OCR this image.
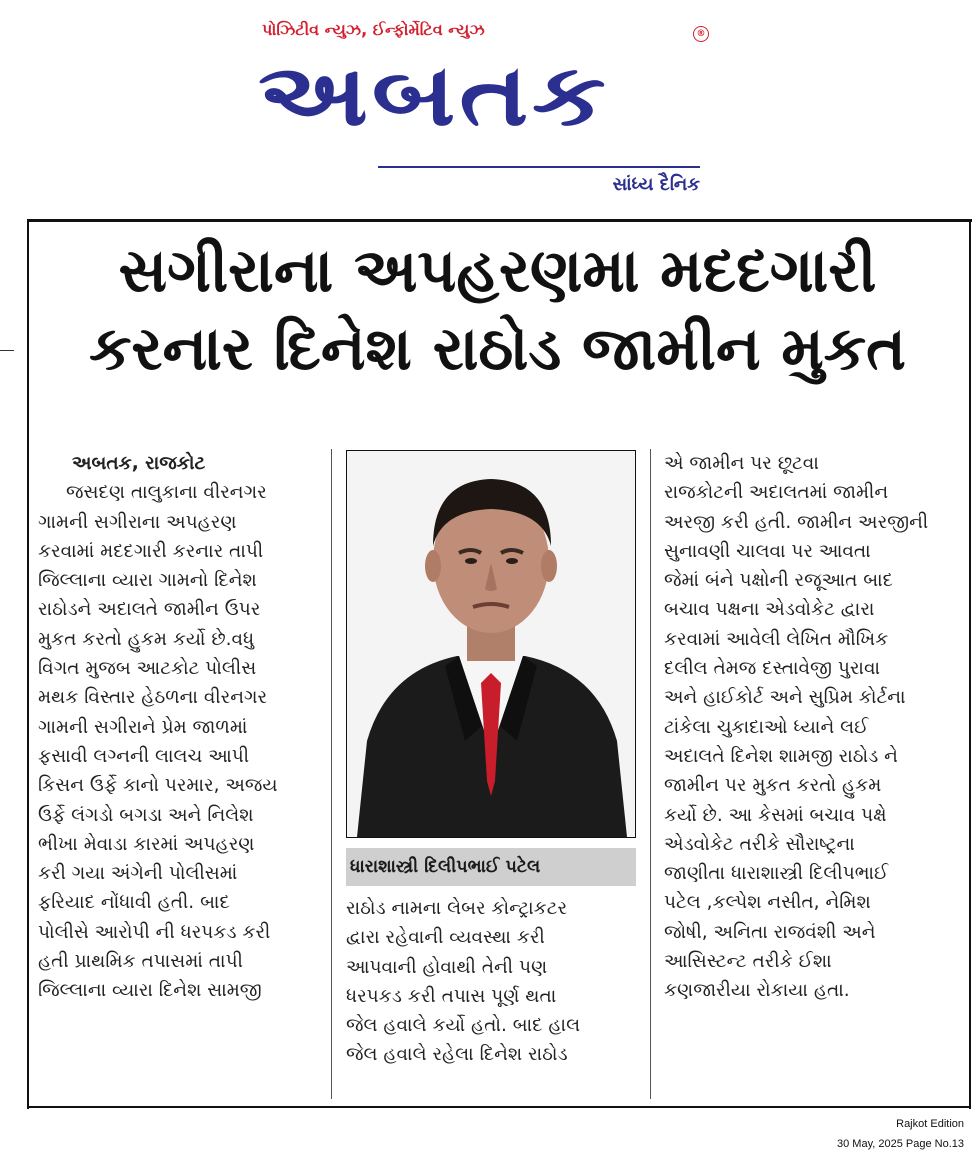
પોઝિટીવ ન્યુઝ, ઈન્ફોર્મેટિવ ન્યુઝ
અબતક
®
સાંધ્ય દૈનિક
સગીરાના અપહરણમા મદદગારી
કરનાર દિનેશ રાઠોડ જામીન મુકત

અબતક, રાજકોટ

જસદણ તાલુકાના વીરનગર

ગામની સગીરાના અપહરણ

કરવામાં મદદગારી કરનાર તાપી

જિલ્લાના વ્યારા ગામનો દિનેશ

રાઠોડને અદાલતે જામીન ઉપર

મુકત કરતો હુકમ કર્યો છે.વધુ

વિગત મુજબ આટકોટ પોલીસ

મથક વિસ્તાર હેઠળના વીરનગર

ગામની સગીરાને પ્રેમ જાળમાં

ફસાવી લગ્નની લાલચ આપી

કિસન ઉર્ફે કાનો પરમાર, અજય

ઉર્ફે લંગડો બગડા અને નિલેશ

ભીખા મેવાડા કારમાં અપહરણ

કરી ગયા અંગેની પોલીસમાં

ફરિયાદ નોંધાવી હતી. બાદ

પોલીસે આરોપી ની ધરપકડ કરી

હતી પ્રાથમિક તપાસમાં તાપી

જિલ્લાના વ્યારા દિનેશ સામજી

ધારાશાસ્ત્રી દિલીપભાઈ પટેલ

રાઠોડ નામના લેબર કોન્ટ્રાકટર

દ્વારા રહેવાની વ્યવસ્થા કરી

આપવાની હોવાથી તેની પણ

ધરપકડ કરી તપાસ પૂર્ણ થતા

જેલ હવાલે કર્યો હતો. બાદ હાલ

જેલ હવાલે રહેલા દિનેશ રાઠોડ

એ જામીન પર છૂટવા

રાજકોટની અદાલતમાં જામીન

અરજી કરી હતી. જામીન અરજીની

સુનાવણી ચાલવા પર આવતા

જેમાં બંને પક્ષોની રજૂઆત બાદ

બચાવ પક્ષના એડવોકેટ દ્વારા

કરવામાં આવેલી લેખિત મૌખિક

દલીલ તેમજ દસ્તાવેજી પુરાવા

અને હાઈકોર્ટ અને સુપ્રિમ કોર્ટના

ટાંકેલા ચુકાદાઓ ધ્યાને લઈ

અદાલતે દિનેશ શામજી રાઠોડ ને

જામીન પર મુકત કરતો હુકમ

કર્યો છે. આ કેસમાં બચાવ પક્ષે

એડવોકેટ તરીકે સૌરાષ્ટ્રના

જાણીતા ધારાશાસ્ત્રી દિલીપભાઈ

પટેલ ,કલ્પેશ નસીત, નેમિશ

જોષી, અનિતા રાજવંશી અને

આસિસ્ટન્ટ તરીકે ઈશા

કણજારીયા રોકાયા હતા.

Rajkot Edition
30 May, 2025 Page No.13
